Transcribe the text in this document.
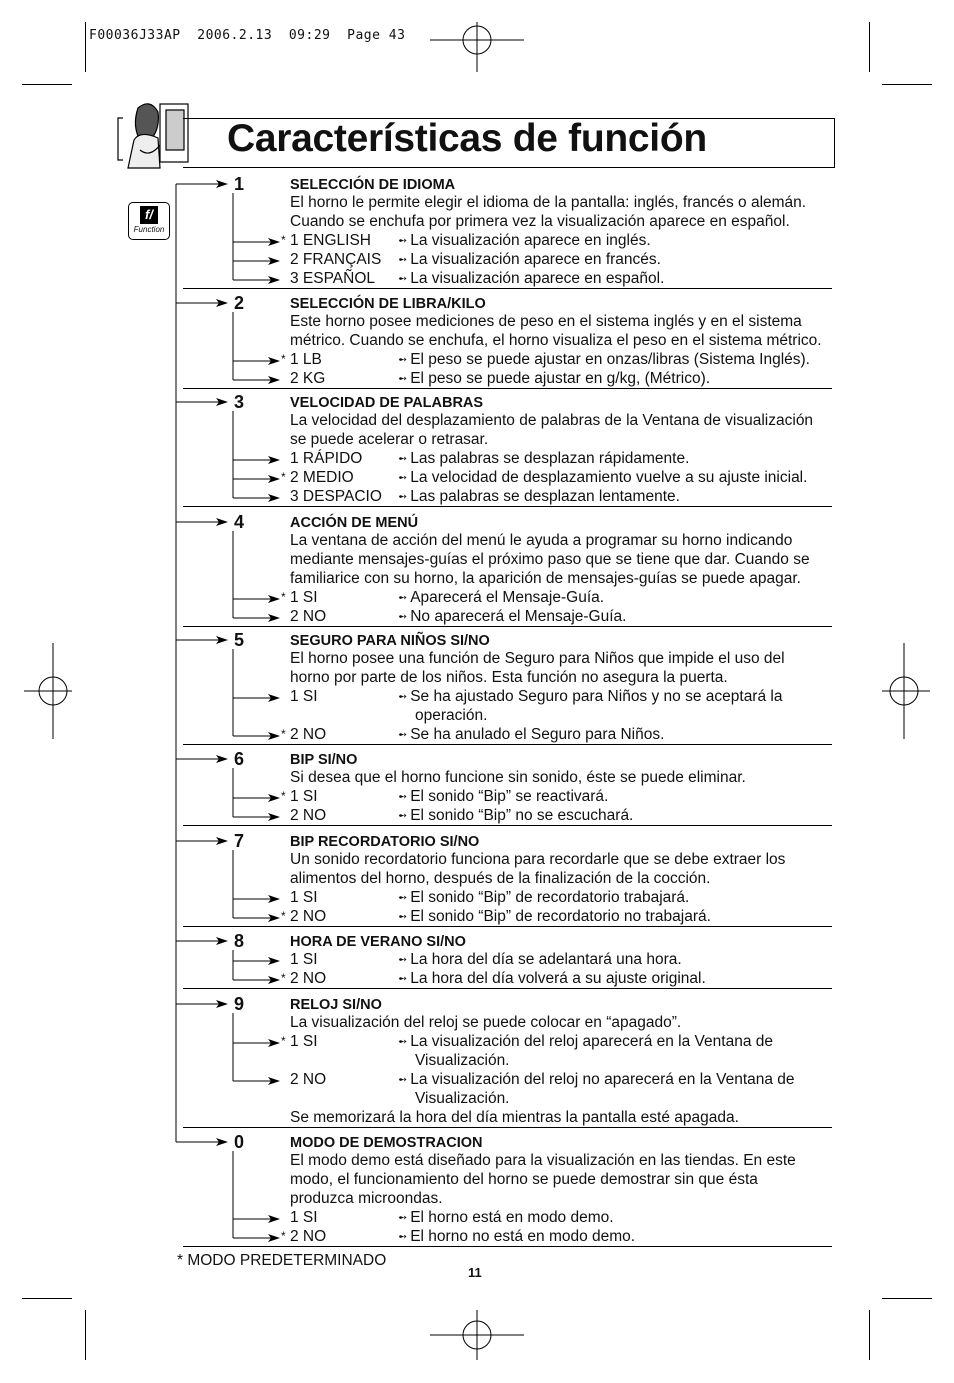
F00036J33AP  2006.2.13  09:29  Page 43
Características de función
f/
Function
1	SELECCIÓN DE IDIOMA
El horno le permite elegir el idioma de la pantalla: inglés, francés o alemán.
Cuando se enchufa por primera vez la visualización aparece en español.
* 1 ENGLISH ➻ La visualización aparece en inglés.
2 FRANÇAIS ➻ La visualización aparece en francés.
3 ESPAÑOL ➻ La visualización aparece en español.
2	SELECCIÓN DE LIBRA/KILO
Este horno posee mediciones de peso en el sistema inglés y en el sistema
métrico. Cuando se enchufa, el horno visualiza el peso en el sistema métrico.
* 1 LB	➻ El peso se puede ajustar en onzas/libras (Sistema Inglés).
2 KG	➻ El peso se puede ajustar en g/kg, (Métrico).
3	VELOCIDAD DE PALABRAS
La velocidad del desplazamiento de palabras de la Ventana de visualización
se puede acelerar o retrasar.
1 RÁPIDO	➻ Las palabras se desplazan rápidamente.
* 2 MEDIO	➻ La velocidad de desplazamiento vuelve a su ajuste inicial.
3 DESPACIO ➻ Las palabras se desplazan lentamente.
4	ACCIÓN DE MENÚ
La ventana de acción del menú le ayuda a programar su horno indicando
mediante mensajes-guías el próximo paso que se tiene que dar. Cuando se
familiarice con su horno, la aparición de mensajes-guías se puede apagar.
* 1 SI	➻ Aparecerá el Mensaje-Guía.
2 NO	➻ No aparecerá el Mensaje-Guía.
5	SEGURO PARA NIÑOS SI/NO
El horno posee una función de Seguro para Niños que impide el uso del
horno por parte de los niños. Esta función no asegura la puerta.
1 SI	➻ Se ha ajustado Seguro para Niños y no se aceptará la
operación.
* 2 NO	➻ Se ha anulado el Seguro para Niños.
6	BIP SI/NO
Si desea que el horno funcione sin sonido, éste se puede eliminar.
* 1 SI	➻ El sonido “Bip” se reactivará.
2 NO	➻ El sonido “Bip” no se escuchará.
7	BIP RECORDATORIO SI/NO
Un sonido recordatorio funciona para recordarle que se debe extraer los
alimentos del horno, después de la finalización de la cocción.
1 SI	➻ El sonido “Bip” de recordatorio trabajará.
* 2 NO	➻ El sonido “Bip” de recordatorio no trabajará.
8	HORA DE VERANO SI/NO
1 SI	➻ La hora del día se adelantará una hora.
* 2 NO	➻ La hora del día volverá a su ajuste original.
9	RELOJ SI/NO
La visualización del reloj se puede colocar en “apagado”.
* 1 SI	➻ La visualización del reloj aparecerá en la Ventana de
Visualización.
2 NO	➻ La visualización del reloj no aparecerá en la Ventana de
Visualización.
Se memorizará la hora del día mientras la pantalla esté apagada.
0	MODO DE DEMOSTRACION
El modo demo está diseñado para la visualización en las tiendas. En este
modo, el funcionamiento del horno se puede demostrar sin que ésta
produzca microondas.
1 SI	➻ El horno está en modo demo.
* 2 NO	➻ El horno no está en modo demo.
* MODO PREDETERMINADO
11
